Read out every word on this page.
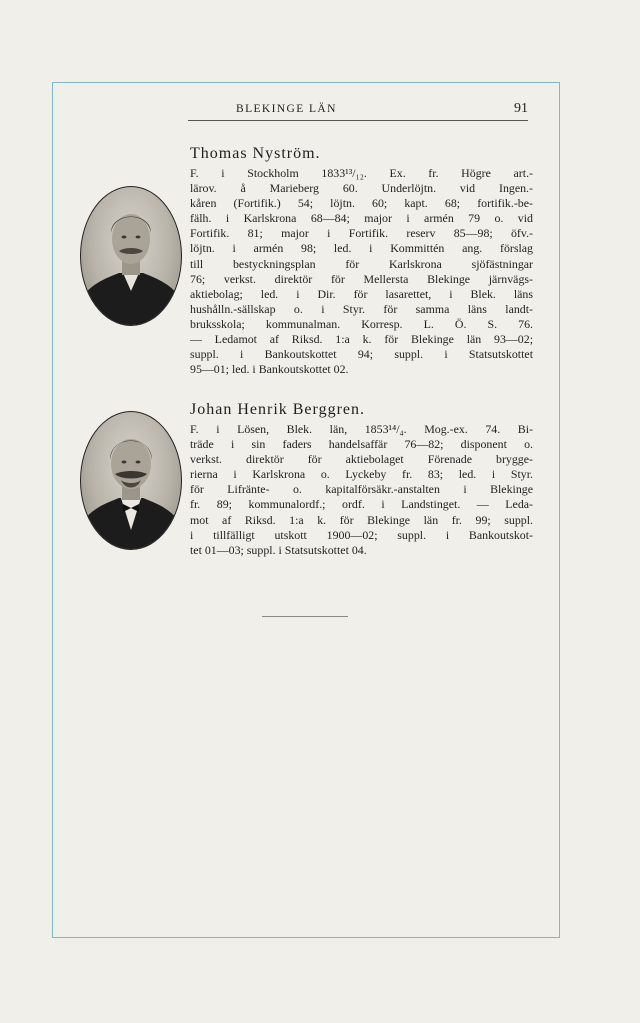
BLEKINGE LÄN	91
Thomas Nyström.
F. i Stockholm 1833¹³/₁₂. Ex. fr. Högre art.-
lärov. å Marieberg 60. Underlöjtn. vid Ingen.-
kåren (Fortifik.) 54; löjtn. 60; kapt. 68; fortifik.-be-
fälh. i Karlskrona 68—84; major i armén 79 o. vid
Fortifik. 81; major i Fortifik. reserv 85—98; öfv.-
löjtn. i armén 98; led. i Kommittén ang. förslag
till bestyckningsplan för Karlskrona sjöfästningar
76; verkst. direktör för Mellersta Blekinge järnvägs-
aktiebolag; led. i Dir. för lasarettet, i Blek. läns
hushålln.-sällskap o. i Styr. för samma läns landt-
bruksskola; kommunalman. Korresp. L. Ö. S. 76.
— Ledamot af Riksd. 1:a k. för Blekinge län 93—02;
suppl. i Bankoutskottet 94; suppl. i Statsutskottet
95—01; led. i Bankoutskottet 02.
Johan Henrik Berggren.
F. i Lösen, Blek. län, 1853¹⁴/₄. Mog.-ex. 74. Bi-
träde i sin faders handelsaffär 76—82; disponent o.
verkst. direktör för aktiebolaget Förenade brygge-
rierna i Karlskrona o. Lyckeby fr. 83; led. i Styr.
för Lifränte- o. kapitalförsäkr.-anstalten i Blekinge
fr. 89; kommunalordf.; ordf. i Landstinget. — Leda-
mot af Riksd. 1:a k. för Blekinge län fr. 99; suppl.
i tillfälligt utskott 1900—02; suppl. i Bankoutskot-
tet 01—03; suppl. i Statsutskottet 04.
